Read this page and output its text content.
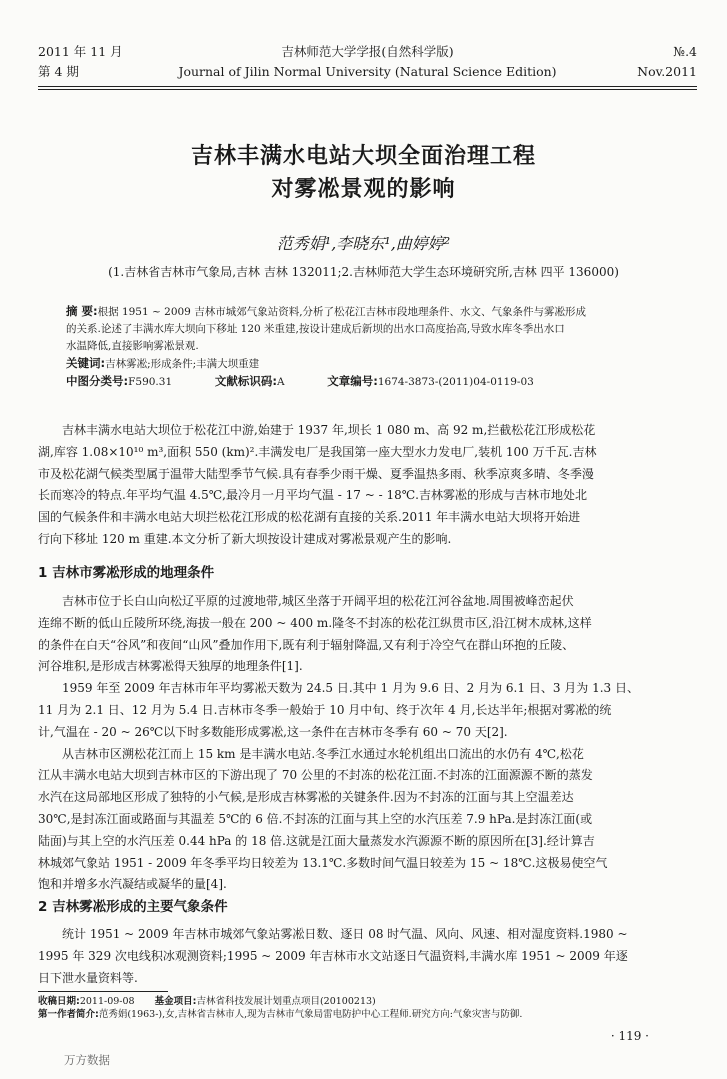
2011 年 11 月	吉林师范大学学报(自然科学版)	№.4
第 4 期	Journal of Jilin Normal University (Natural Science Edition)	Nov.2011
吉林丰满水电站大坝全面治理工程
对雾凇景观的影响
范秀娟¹,李晓东¹,曲婷婷²
(1.吉林省吉林市气象局,吉林 吉林 132011;2.吉林师范大学生态环境研究所,吉林 四平 136000)
摘 要:根据 1951 ~ 2009 吉林市城郊气象站资料,分析了松花江吉林市段地理条件、水文、气象条件与雾凇形成
的关系.论述了丰满水库大坝向下移址 120 米重建,按设计建成后新坝的出水口高度抬高,导致水库冬季出水口
水温降低,直接影响雾凇景观.
关键词:吉林雾凇;形成条件;丰满大坝重建
中图分类号:F590.31	文献标识码:A	文章编号:1674-3873-(2011)04-0119-03
吉林丰满水电站大坝位于松花江中游,始建于 1937 年,坝长 1 080 m、高 92 m,拦截松花江形成松花
湖,库容 1.08×10¹⁰ m³,面积 550 (km)².丰满发电厂是我国第一座大型水力发电厂,装机 100 万千瓦.吉林
市及松花湖气候类型属于温带大陆型季节气候.具有春季少雨干燥、夏季温热多雨、秋季凉爽多晴、冬季漫
长而寒冷的特点.年平均气温 4.5℃,最冷月一月平均气温 - 17 ~ - 18℃.吉林雾凇的形成与吉林市地处北
国的气候条件和丰满水电站大坝拦松花江形成的松花湖有直接的关系.2011 年丰满水电站大坝将开始进
行向下移址 120 m 重建.本文分析了新大坝按设计建成对雾凇景观产生的影响.
1 吉林市雾凇形成的地理条件
吉林市位于长白山向松辽平原的过渡地带,城区坐落于开阔平坦的松花江河谷盆地.周围被峰峦起伏
连绵不断的低山丘陵所环绕,海拔一般在 200 ~ 400 m.隆冬不封冻的松花江纵贯市区,沿江树木成林,这样
的条件在白天“谷风”和夜间“山风”叠加作用下,既有利于辐射降温,又有利于冷空气在群山环抱的丘陵、
河谷堆积,是形成吉林雾凇得天独厚的地理条件[1].
1959 年至 2009 年吉林市年平均雾凇天数为 24.5 日.其中 1 月为 9.6 日、2 月为 6.1 日、3 月为 1.3 日、
11 月为 2.1 日、12 月为 5.4 日.吉林市冬季一般始于 10 月中旬、终于次年 4 月,长达半年;根据对雾凇的统
计,气温在 - 20 ~ 26℃以下时多数能形成雾凇,这一条件在吉林市冬季有 60 ~ 70 天[2].
从吉林市区溯松花江而上 15 km 是丰满水电站.冬季江水通过水轮机组出口流出的水仍有 4℃,松花
江从丰满水电站大坝到吉林市区的下游出现了 70 公里的不封冻的松花江面.不封冻的江面源源不断的蒸发
水汽在这局部地区形成了独特的小气候,是形成吉林雾凇的关键条件.因为不封冻的江面与其上空温差达
30℃,是封冻江面或路面与其温差 5℃的 6 倍.不封冻的江面与其上空的水汽压差 7.9 hPa.是封冻江面(或
陆面)与其上空的水汽压差 0.44 hPa 的 18 倍.这就是江面大量蒸发水汽源源不断的原因所在[3].经计算吉
林城郊气象站 1951 - 2009 年冬季平均日较差为 13.1℃.多数时间气温日较差为 15 ~ 18℃.这极易使空气
饱和并增多水汽凝结或凝华的量[4].
2 吉林雾凇形成的主要气象条件
统计 1951 ~ 2009 年吉林市城郊气象站雾凇日数、逐日 08 时气温、风向、风速、相对湿度资料.1980 ~
1995 年 329 次电线积冰观测资料;1995 ~ 2009 年吉林市水文站逐日气温资料,丰满水库 1951 ~ 2009 年逐
日下泄水量资料等.
收稿日期:2011-09-08 基金项目:吉林省科技发展计划重点项目(20100213)
第一作者简介:范秀娟(1963-),女,吉林省吉林市人,现为吉林市气象局雷电防护中心工程师.研究方向:气象灾害与防御.
· 119 ·
万方数据
